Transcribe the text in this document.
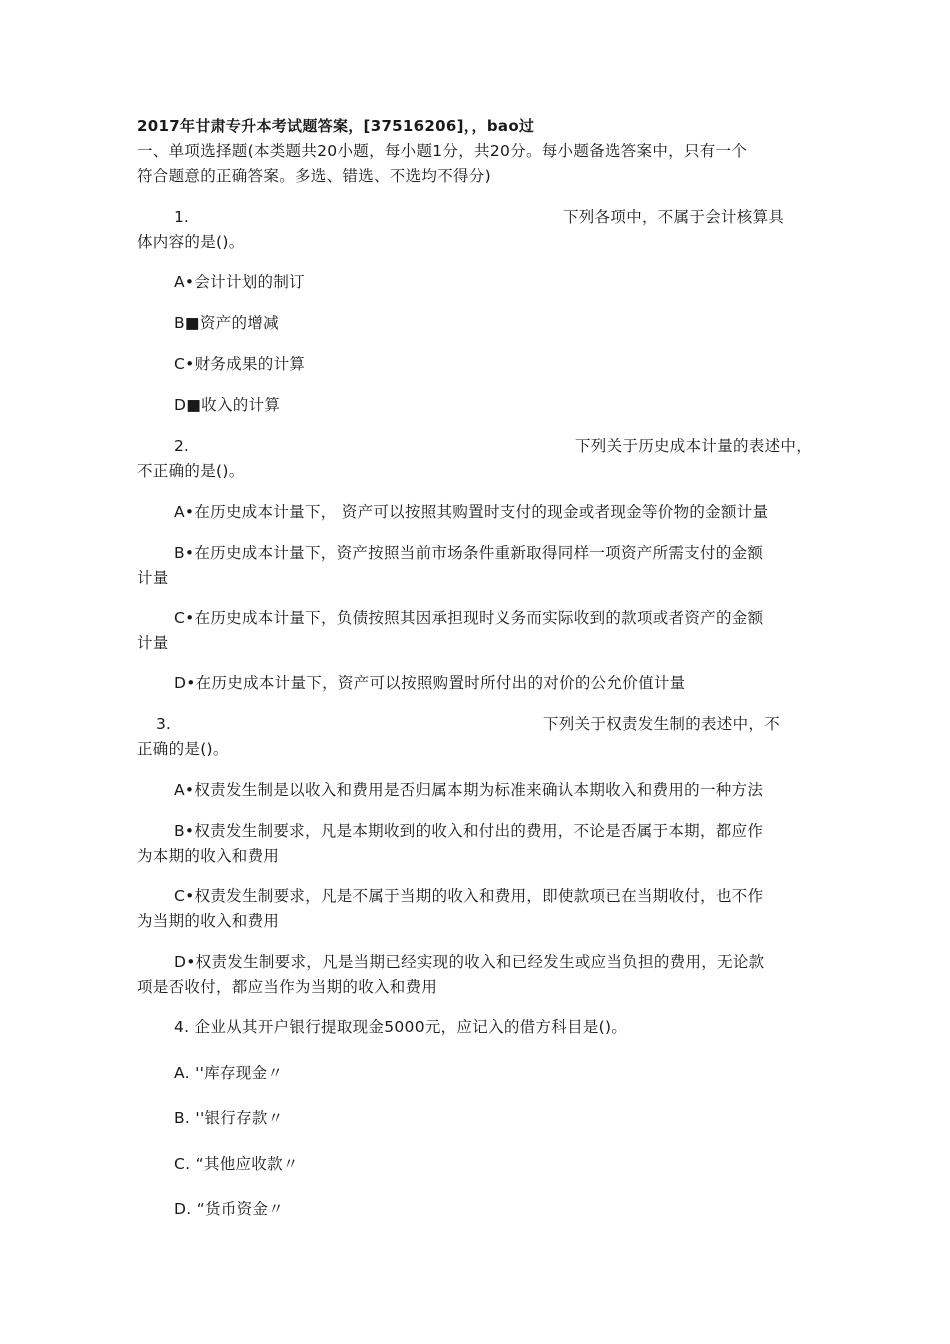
2017年甘肃专升本考试题答案，[37516206]，，bao过
一、单项选择题(本类题共20小题，每小题1分，共20分。每小题备选答案中，只有一个
符合题意的正确答案。多选、错选、不选均不得分)
1.	下列各项中，不属于会计核算具
体内容的是()。
A•会计计划的制订
B■资产的增减
C•财务成果的计算
D■收入的计算
2.	下列关于历史成本计量的表述中，
不正确的是()。
A•在历史成本计量下， 资产可以按照其购置时支付的现金或者现金等价物的金额计量
B•在历史成本计量下，资产按照当前市场条件重新取得同样一项资产所需支付的金额
计量
C•在历史成本计量下，负债按照其因承担现时义务而实际收到的款项或者资产的金额
计量
D•在历史成本计量下，资产可以按照购置时所付出的对价的公允价值计量
3.	下列关于权责发生制的表述中，不
正确的是()。
A•权责发生制是以收入和费用是否归属本期为标准来确认本期收入和费用的一种方法
B•权责发生制要求，凡是本期收到的收入和付出的费用，不论是否属于本期，都应作
为本期的收入和费用
C•权责发生制要求，凡是不属于当期的收入和费用，即使款项已在当期收付，也不作
为当期的收入和费用
D•权责发生制要求，凡是当期已经实现的收入和已经发生或应当负担的费用，无论款
项是否收付，都应当作为当期的收入和费用
4. 企业从其开户银行提取现金5000元，应记入的借方科目是()。
A. ''库存现金〃
B. ''银行存款〃
C. “其他应收款〃
D. “货币资金〃
